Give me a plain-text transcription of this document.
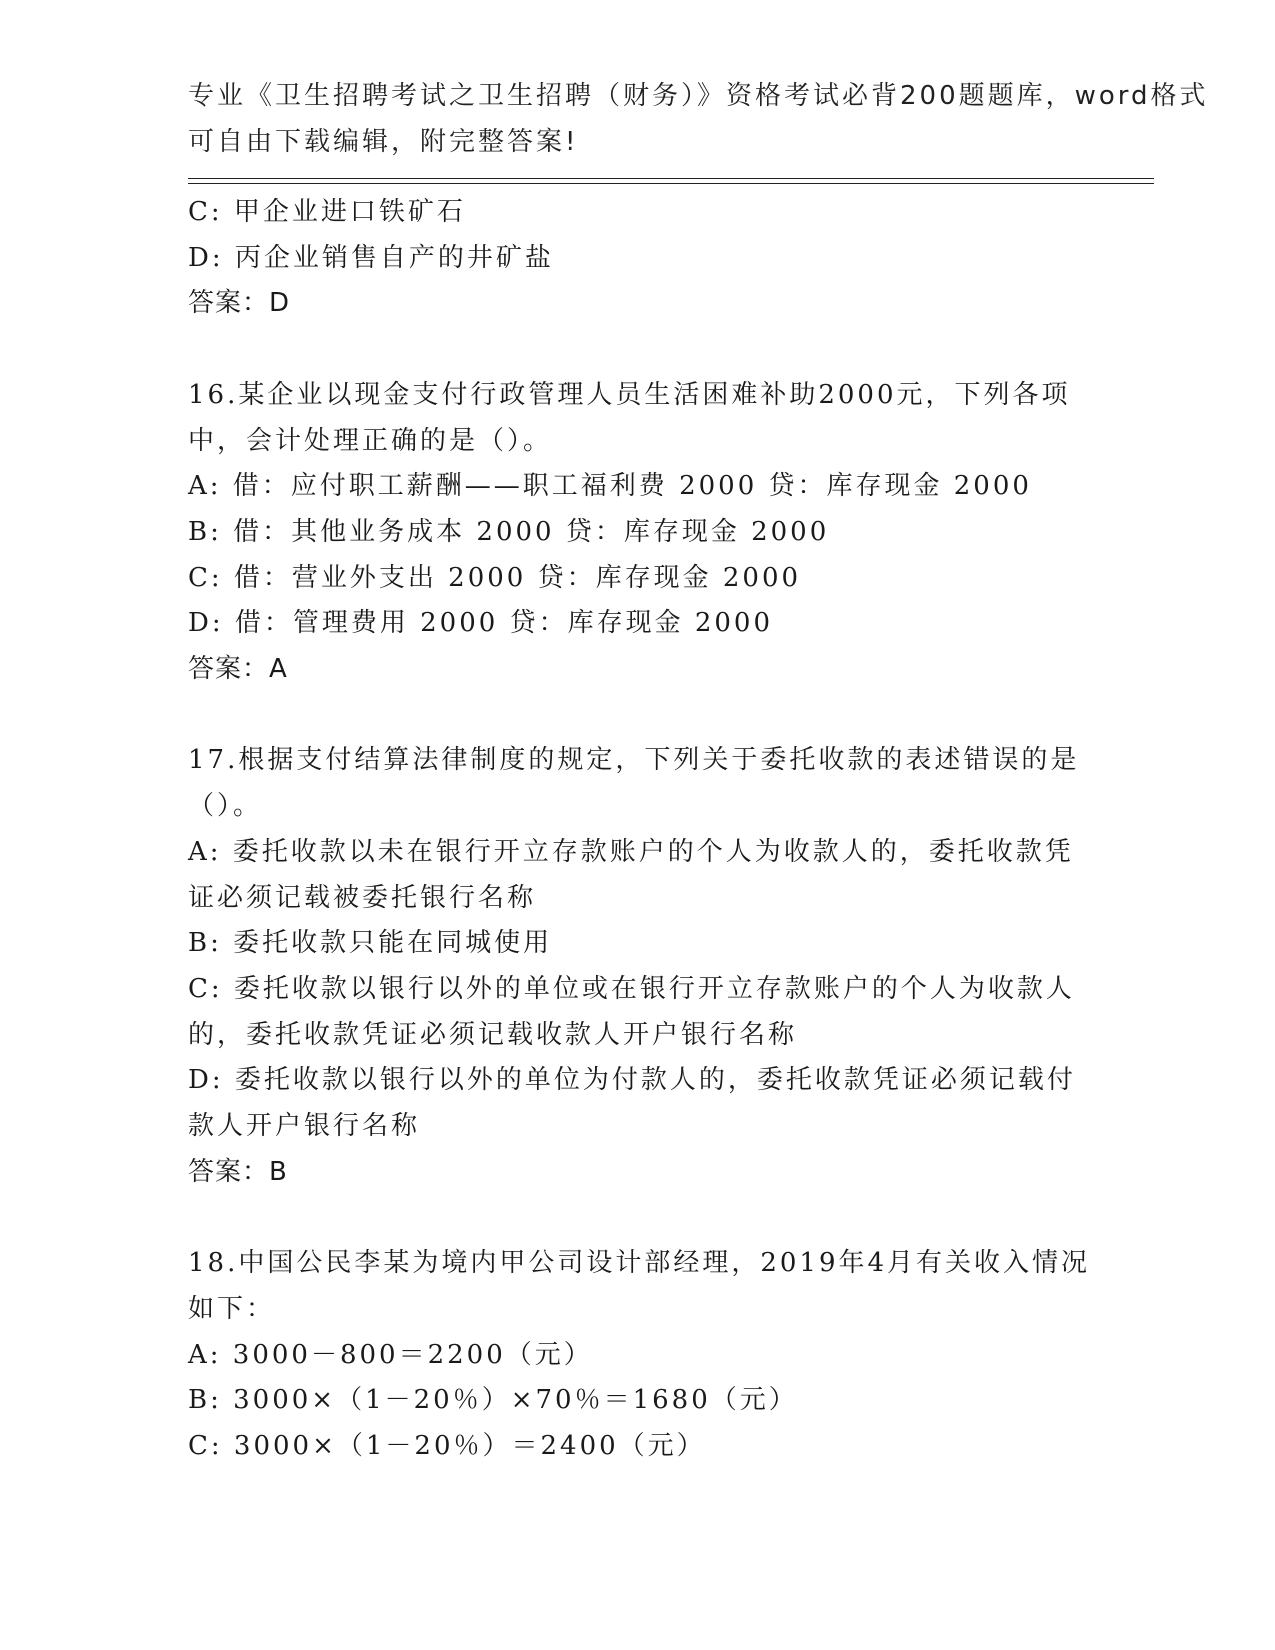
专业《卫生招聘考试之卫生招聘（财务）》资格考试必背200题题库，word格式
可自由下载编辑，附完整答案!
C: 甲企业进口铁矿石
D: 丙企业销售自产的井矿盐
答案：D
16.某企业以现金支付行政管理人员生活困难补助2000元，下列各项
中，会计处理正确的是（）。
A: 借：应付职工薪酬——职工福利费 2000 贷：库存现金 2000
B: 借：其他业务成本 2000 贷：库存现金 2000
C: 借：营业外支出 2000 贷：库存现金 2000
D: 借：管理费用 2000 贷：库存现金 2000
答案：A
17.根据支付结算法律制度的规定，下列关于委托收款的表述错误的是
（）。
A: 委托收款以未在银行开立存款账户的个人为收款人的，委托收款凭
证必须记载被委托银行名称
B: 委托收款只能在同城使用
C: 委托收款以银行以外的单位或在银行开立存款账户的个人为收款人
的，委托收款凭证必须记载收款人开户银行名称
D: 委托收款以银行以外的单位为付款人的，委托收款凭证必须记载付
款人开户银行名称
答案：B
18.中国公民李某为境内甲公司设计部经理，2019年4月有关收入情况
如下：
A: 3000－800＝2200（元）
B: 3000×（1－20％）×70％＝1680（元）
C: 3000×（1－20％）＝2400（元）
